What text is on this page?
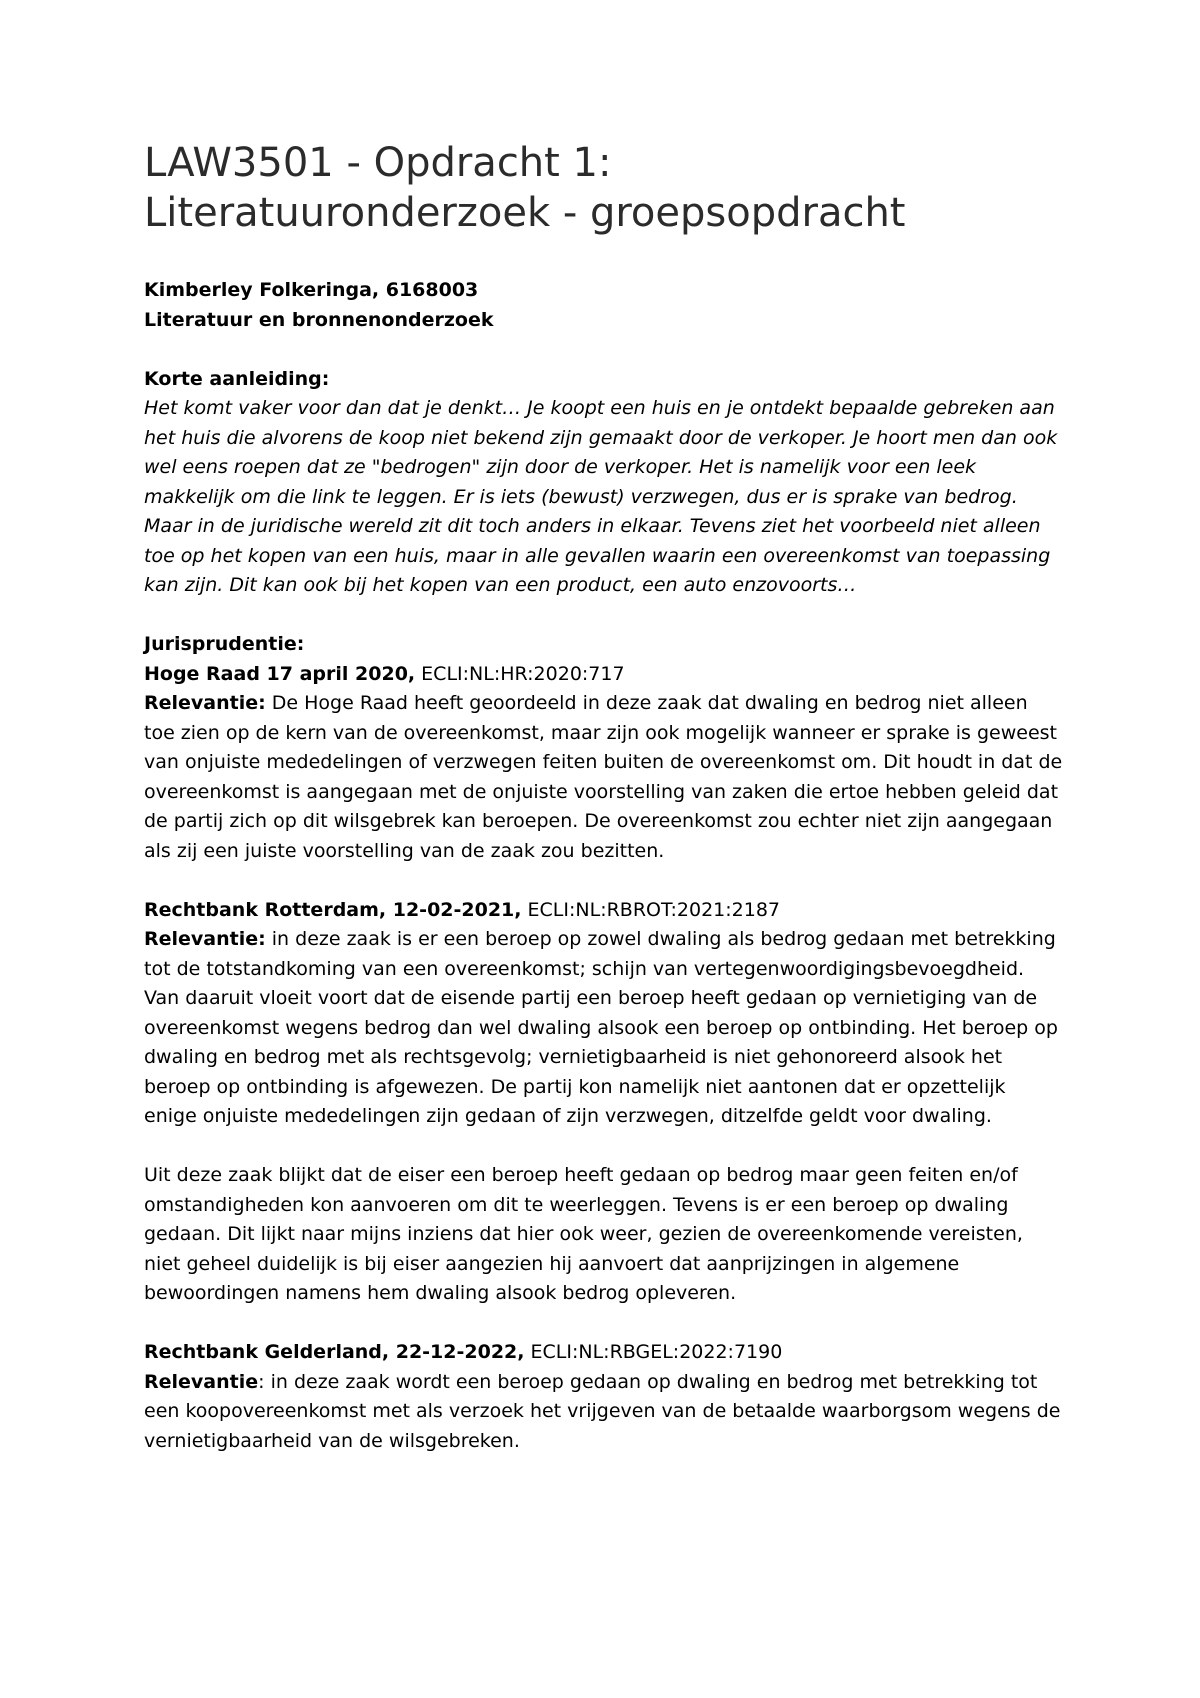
LAW3501 - Opdracht 1:
Literatuuronderzoek - groepsopdracht

Kimberley Folkeringa, 6168003

Literatuur en bronnenonderzoek

Korte aanleiding:

Het komt vaker voor dan dat je denkt… Je koopt een huis en je ontdekt bepaalde gebreken aan het huis die alvorens de koop niet bekend zijn gemaakt door de verkoper. Je hoort men dan ook wel eens roepen dat ze "bedrogen" zijn door de verkoper. Het is namelijk voor een leek makkelijk om die link te leggen. Er is iets (bewust) verzwegen, dus er is sprake van bedrog. Maar in de juridische wereld zit dit toch anders in elkaar. Tevens ziet het voorbeeld niet alleen toe op het kopen van een huis, maar in alle gevallen waarin een overeenkomst van toepassing kan zijn. Dit kan ook bij het kopen van een product, een auto enzovoorts…

Jurisprudentie:

Hoge Raad 17 april 2020, ECLI:NL:HR:2020:717

Relevantie: De Hoge Raad heeft geoordeeld in deze zaak dat dwaling en bedrog niet alleen toe zien op de kern van de overeenkomst, maar zijn ook mogelijk wanneer er sprake is geweest van onjuiste mededelingen of verzwegen feiten buiten de overeenkomst om. Dit houdt in dat de overeenkomst is aangegaan met de onjuiste voorstelling van zaken die ertoe hebben geleid dat de partij zich op dit wilsgebrek kan beroepen. De overeenkomst zou echter niet zijn aangegaan als zij een juiste voorstelling van de zaak zou bezitten.

Rechtbank Rotterdam, 12-02-2021, ECLI:NL:RBROT:2021:2187

Relevantie: in deze zaak is er een beroep op zowel dwaling als bedrog gedaan met betrekking tot de totstandkoming van een overeenkomst; schijn van vertegenwoordigingsbevoegdheid. Van daaruit vloeit voort dat de eisende partij een beroep heeft gedaan op vernietiging van de overeenkomst wegens bedrog dan wel dwaling alsook een beroep op ontbinding. Het beroep op dwaling en bedrog met als rechtsgevolg; vernietigbaarheid is niet gehonoreerd alsook het beroep op ontbinding is afgewezen. De partij kon namelijk niet aantonen dat er opzettelijk enige onjuiste mededelingen zijn gedaan of zijn verzwegen, ditzelfde geldt voor dwaling.

Uit deze zaak blijkt dat de eiser een beroep heeft gedaan op bedrog maar geen feiten en/of omstandigheden kon aanvoeren om dit te weerleggen. Tevens is er een beroep op dwaling gedaan. Dit lijkt naar mijns inziens dat hier ook weer, gezien de overeenkomende vereisten, niet geheel duidelijk is bij eiser aangezien hij aanvoert dat aanprijzingen in algemene bewoordingen namens hem dwaling alsook bedrog opleveren.

Rechtbank Gelderland, 22-12-2022, ECLI:NL:RBGEL:2022:7190

Relevantie: in deze zaak wordt een beroep gedaan op dwaling en bedrog met betrekking tot een koopovereenkomst met als verzoek het vrijgeven van de betaalde waarborgsom wegens de vernietigbaarheid van de wilsgebreken.
